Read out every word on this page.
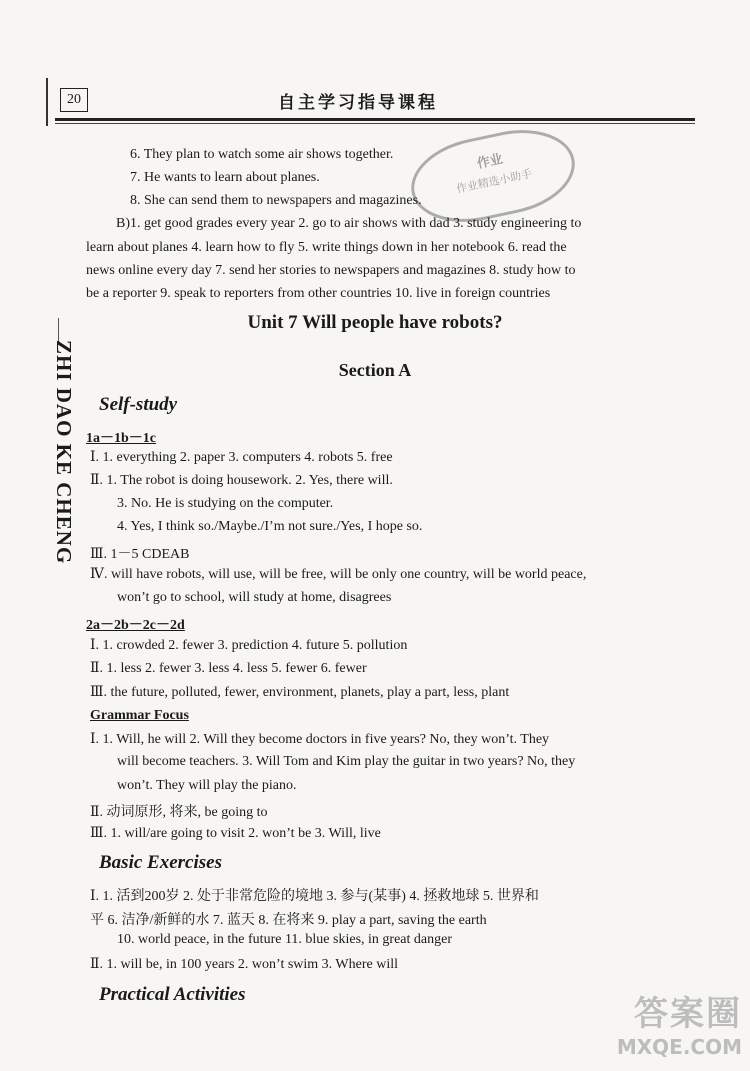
20	自主学习指导课程
ZHI DAO KE CHENG
作业
作业精选小助手
6. They plan to watch some air shows together.
7. He wants to learn about planes.
8. She can send them to newspapers and magazines.
B)1. get good grades every year 2. go to air shows with dad 3. study engineering to
learn about planes 4. learn how to fly 5. write things down in her notebook 6. read the
news online every day 7. send her stories to newspapers and magazines 8. study how to
be a reporter 9. speak to reporters from other countries 10. live in foreign countries
Unit 7 Will people have robots?
Section A
Self-study
1a－1b－1c
Ⅰ. 1. everything 2. paper 3. computers 4. robots 5. free
Ⅱ. 1. The robot is doing housework. 2. Yes, there will.
3. No. He is studying on the computer.
4. Yes, I think so./Maybe./I’m not sure./Yes, I hope so.
Ⅲ. 1－5 CDEAB
Ⅳ. will have robots, will use, will be free, will be only one country, will be world peace,
won’t go to school, will study at home, disagrees
2a－2b－2c－2d
Ⅰ. 1. crowded 2. fewer 3. prediction 4. future 5. pollution
Ⅱ. 1. less 2. fewer 3. less 4. less 5. fewer 6. fewer
Ⅲ. the future, polluted, fewer, environment, planets, play a part, less, plant
Grammar Focus
Ⅰ. 1. Will, he will 2. Will they become doctors in five years? No, they won’t. They
will become teachers. 3. Will Tom and Kim play the guitar in two years? No, they
won’t. They will play the piano.
Ⅱ. 动词原形, 将来, be going to
Ⅲ. 1. will/are going to visit 2. won’t be 3. Will, live
Basic Exercises
Ⅰ. 1. 活到200岁 2. 处于非常危险的境地 3. 参与(某事) 4. 拯救地球 5. 世界和
平 6. 洁净/新鲜的水 7. 蓝天 8. 在将来 9. play a part, saving the earth
10. world peace, in the future 11. blue skies, in great danger
Ⅱ. 1. will be, in 100 years 2. won’t swim 3. Where will
Practical Activities	答案圈
MXQE.COM
